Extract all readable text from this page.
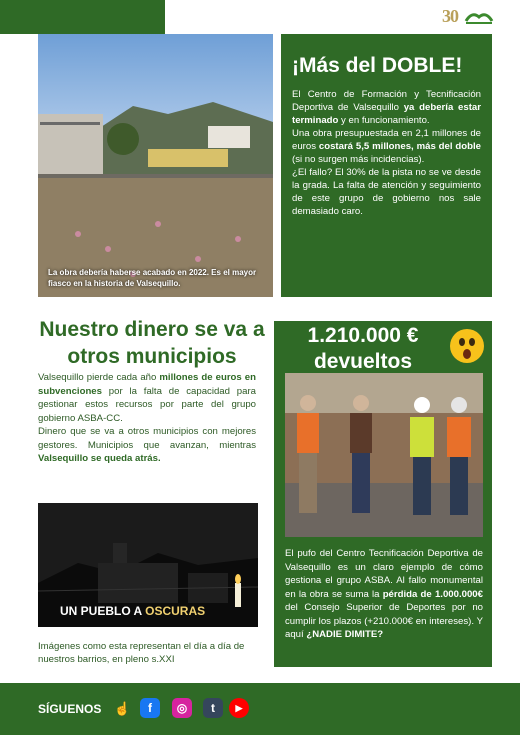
30
La obra debería haberse acabado en 2022. Es el mayor fiasco en la historia de Valsequillo.
¡Más del DOBLE!

El Centro de Formación y Tecnificación Deportiva de Valsequillo ya debería estar terminado y en funcionamiento.

Una obra presupuestada en 2,1 millones de euros costará 5,5 millones, más del doble (si no surgen más incidencias).

¿El fallo? El 30% de la pista no se ve desde la grada. La falta de atención y seguimiento de este grupo de gobierno nos sale demasiado caro.

Nuestro dinero se va a otros municipios

Valsequillo pierde cada año millones de euros en subvenciones por la falta de capacidad para gestionar estos recursos por parte del grupo gobierno ASBA-CC.

Dinero que se va a otros municipios con mejores gestores. Municipios que avanzan, mientras Valsequillo se queda atrás.

UN PUEBLO A OSCURAS
Imágenes como esta representan el día a día de nuestros barrios, en pleno s.XXI
1.210.000 €
devueltos
El pufo del Centro Tecnificación Deportiva de Valsequillo es un claro ejemplo de cómo gestiona el grupo ASBA. Al fallo monumental en la obra se suma la pérdida de 1.000.000€ del Consejo Superior de Deportes por no cumplir los plazos (+210.000€ en intereses). Y aquí ¿NADIE DIMITE?
SÍGUENOS ☝	f	◎	t	▶
